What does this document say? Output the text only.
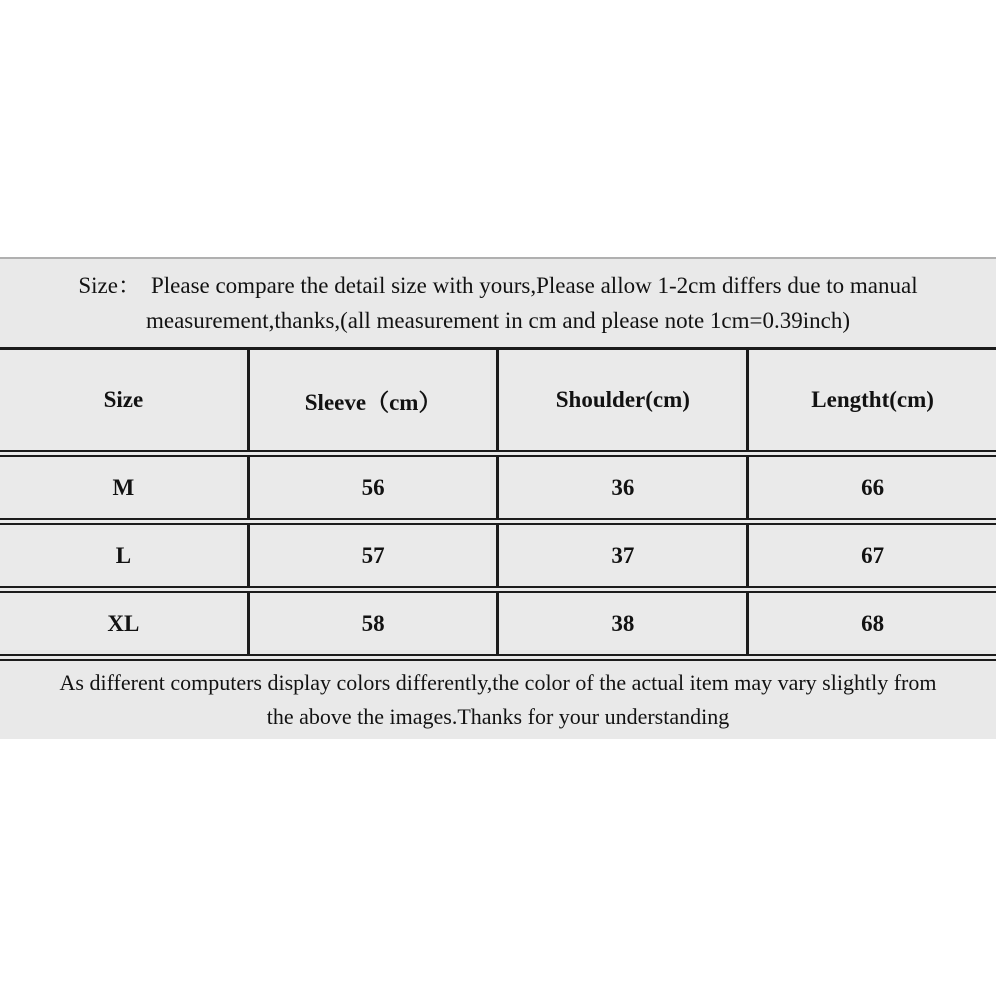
Size： Please compare the detail size with yours,Please allow 1-2cm differs due to manual
measurement,thanks,(all measurement in cm and please note 1cm=0.39inch)
Size	Sleeve（cm）	Shoulder(cm)	Lengtht(cm)
M	56	36	66
L	57	37	67
XL	58	38	68
As different computers display colors differently,the color of the actual item may vary slightly from
the above the images.Thanks for your understanding
